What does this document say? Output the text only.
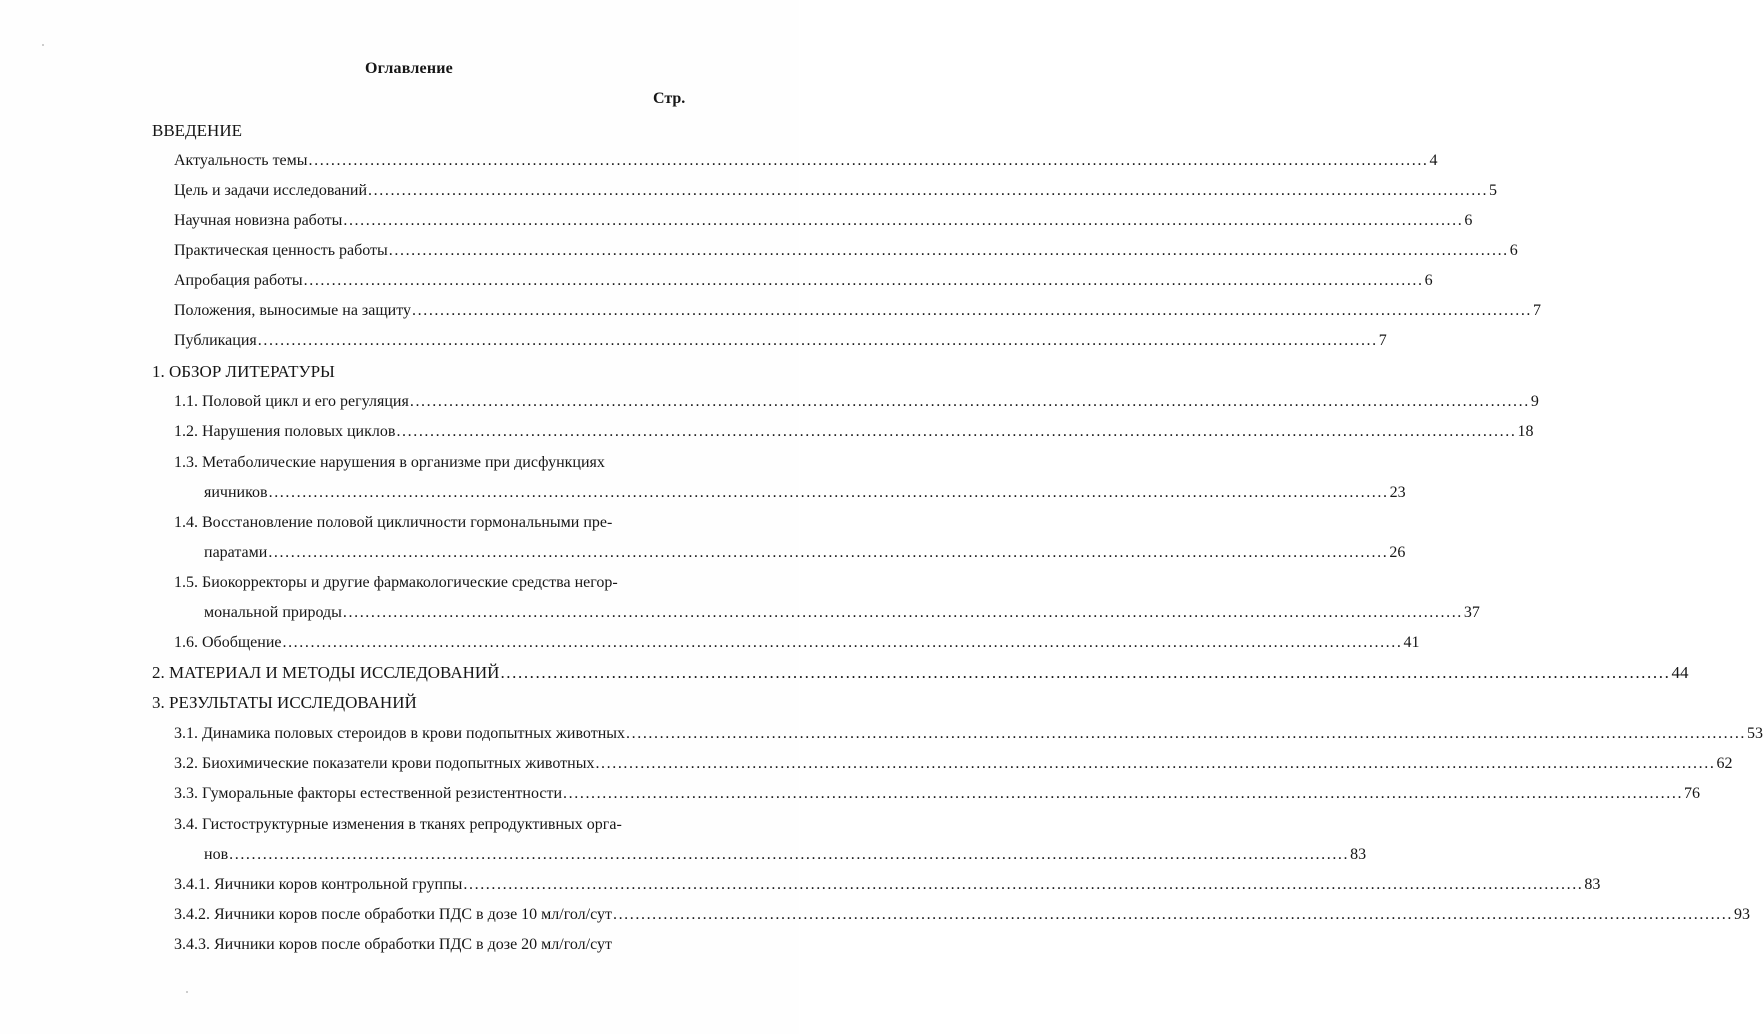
Оглавление
Стр.
ВВЕДЕНИЕ
Актуальность темы ........................................................................................................................................................................................................ 4
Цель и задачи исследований ........................................................................................................................................................................................................ 5
Научная новизна работы ........................................................................................................................................................................................................ 6
Практическая ценность работы ........................................................................................................................................................................................................ 6
Апробация работы ........................................................................................................................................................................................................ 6
Положения, выносимые на защиту ........................................................................................................................................................................................................ 7
Публикация ........................................................................................................................................................................................................ 7
1. ОБЗОР ЛИТЕРАТУРЫ
1.1. Половой цикл и его регуляция ........................................................................................................................................................................................................ 9
1.2. Нарушения половых циклов ........................................................................................................................................................................................................ 18
1.3. Метаболические нарушения в организме при дисфункциях
яичников ........................................................................................................................................................................................................ 23
1.4. Восстановление половой цикличности гормональными пре-
паратами ........................................................................................................................................................................................................ 26
1.5. Биокорректоры и другие фармакологические средства негор-
мональной природы ........................................................................................................................................................................................................ 37
1.6. Обобщение ........................................................................................................................................................................................................ 41
2. МАТЕРИАЛ И МЕТОДЫ ИССЛЕДОВАНИЙ ........................................................................................................................................................................................................ 44
3. РЕЗУЛЬТАТЫ ИССЛЕДОВАНИЙ
3.1. Динамика половых стероидов в крови подопытных животных ........................................................................................................................................................................................................ 53
3.2. Биохимические показатели крови подопытных животных ........................................................................................................................................................................................................ 62
3.3. Гуморальные факторы естественной резистентности ........................................................................................................................................................................................................ 76
3.4. Гистоструктурные изменения в тканях репродуктивных орга-
нов ........................................................................................................................................................................................................ 83
3.4.1. Яичники коров контрольной группы ........................................................................................................................................................................................................ 83
3.4.2. Яичники коров после обработки ПДС в дозе 10 мл/гол/сут ........................................................................................................................................................................................................ 93
3.4.3. Яичники коров после обработки ПДС в дозе 20 мл/гол/сут
